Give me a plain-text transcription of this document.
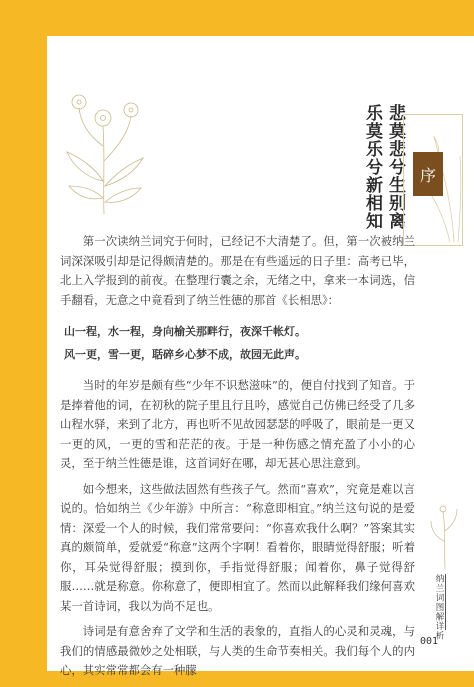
悲莫悲兮生别离
乐莫乐兮新相知	序

第一次读纳兰词究于何时，已经记不大清楚了。但，第一次被纳兰词深深吸引却是记得颇清楚的。那是在有些遥远的日子里：高考已毕，北上入学报到的前夜。在整理行囊之余，无绪之中，拿来一本词选，信手翻看，无意之中竟看到了纳兰性德的那首《长相思》：

山一程，水一程，身向榆关那畔行，夜深千帐灯。
风一更，雪一更，聒碎乡心梦不成，故园无此声。

当时的年岁是颇有些“少年不识愁滋味”的，便自付找到了知音。于是捧着他的词，在初秋的院子里且行且吟，感觉自己仿佛已经受了几多山程水驿，来到了北方，再也听不见故园瑟瑟的呼吸了，眼前是一更又一更的风，一更的雪和茫茫的夜。于是一种伤感之情充盈了小小的心灵，至于纳兰性德是谁，这首词好在哪，却无甚心思注意到。

如今想来，这些做法固然有些孩子气。然而“喜欢”，究竟是难以言说的。恰如纳兰《少年游》中所言：“称意即相宜。”纳兰这句说的是爱情：深爱一个人的时候，我们常常要问：“你喜欢我什么啊？”答案其实真的颇简单，爱就爱“称意”这两个字啊！看着你，眼睛觉得舒服；听着你，耳朵觉得舒服；摸到你，手指觉得舒服；闻着你，鼻子觉得舒服……就是称意。你称意了，便即相宜了。然而以此解释我们缘何喜欢某一首诗词，我以为尚不足也。

诗词是有意舍弃了文学和生活的表象的，直指人的心灵和灵魂，与我们的情感最微妙之处相联，与人类的生命节奏相关。我们每个人的内心，其实常常都会有一种朦

纳兰词图解详析
001
